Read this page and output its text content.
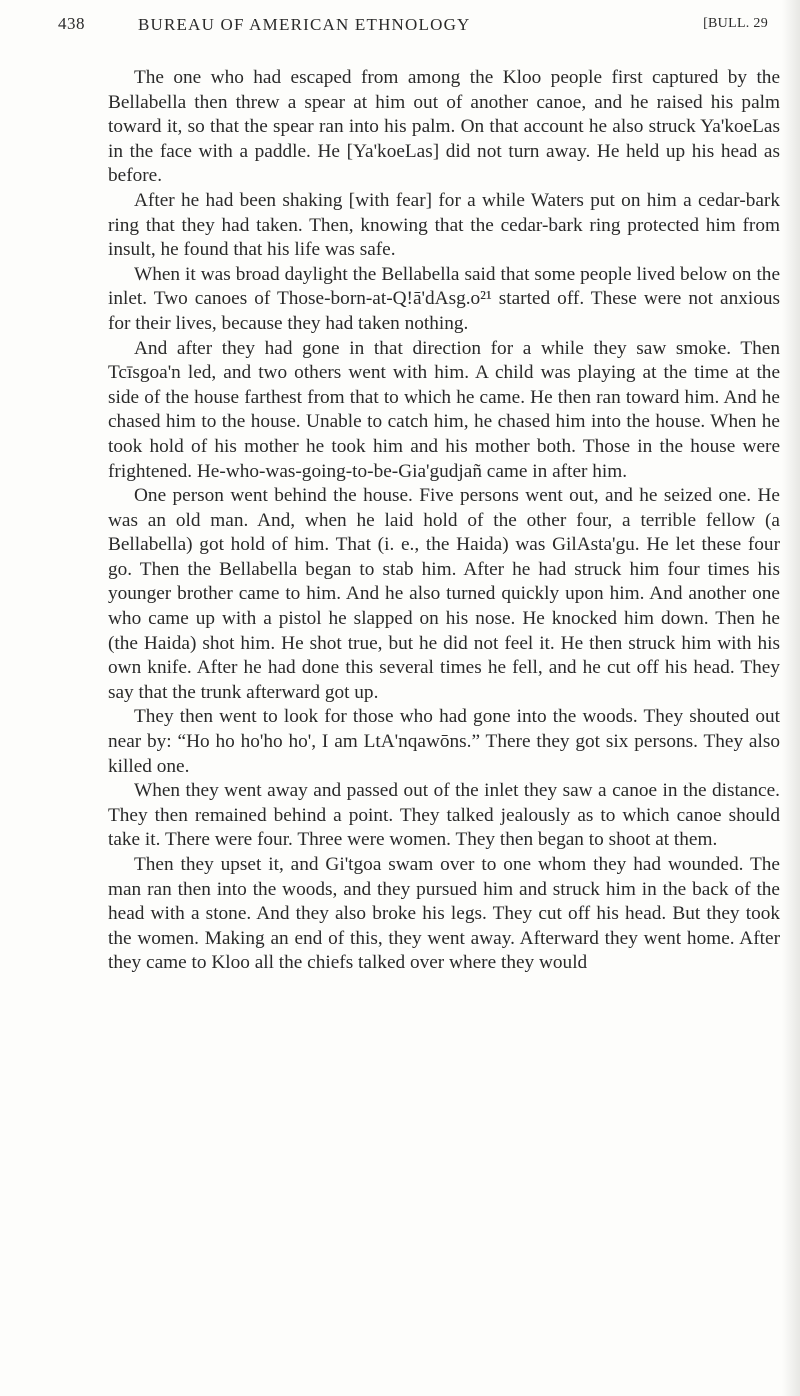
438	BUREAU OF AMERICAN ETHNOLOGY	[BULL. 29

The one who had escaped from among the Kloo people first captured by the Bellabella then threw a spear at him out of another canoe, and he raised his palm toward it, so that the spear ran into his palm. On that account he also struck Ya'koeLas in the face with a paddle. He [Ya'koeLas] did not turn away. He held up his head as before.

After he had been shaking [with fear] for a while Waters put on him a cedar-bark ring that they had taken. Then, knowing that the cedar-bark ring protected him from insult, he found that his life was safe.

When it was broad daylight the Bellabella said that some people lived below on the inlet. Two canoes of Those-born-at-Q!ā'dAsg.o²¹ started off. These were not anxious for their lives, because they had taken nothing.

And after they had gone in that direction for a while they saw smoke. Then Tcīsgoa'n led, and two others went with him. A child was playing at the time at the side of the house farthest from that to which he came. He then ran toward him. And he chased him to the house. Unable to catch him, he chased him into the house. When he took hold of his mother he took him and his mother both. Those in the house were frightened. He-who-was-going-to-be-Gia'gudjañ came in after him.

One person went behind the house. Five persons went out, and he seized one. He was an old man. And, when he laid hold of the other four, a terrible fellow (a Bellabella) got hold of him. That (i. e., the Haida) was GilAsta'gu. He let these four go. Then the Bellabella began to stab him. After he had struck him four times his younger brother came to him. And he also turned quickly upon him. And another one who came up with a pistol he slapped on his nose. He knocked him down. Then he (the Haida) shot him. He shot true, but he did not feel it. He then struck him with his own knife. After he had done this several times he fell, and he cut off his head. They say that the trunk afterward got up.

They then went to look for those who had gone into the woods. They shouted out near by: “Ho ho ho'ho ho', I am LtA'nqawōns.” There they got six persons. They also killed one.

When they went away and passed out of the inlet they saw a canoe in the distance. They then remained behind a point. They talked jealously as to which canoe should take it. There were four. Three were women. They then began to shoot at them.

Then they upset it, and Gi'tgoa swam over to one whom they had wounded. The man ran then into the woods, and they pursued him and struck him in the back of the head with a stone. And they also broke his legs. They cut off his head. But they took the women. Making an end of this, they went away. Afterward they went home. After they came to Kloo all the chiefs talked over where they would
